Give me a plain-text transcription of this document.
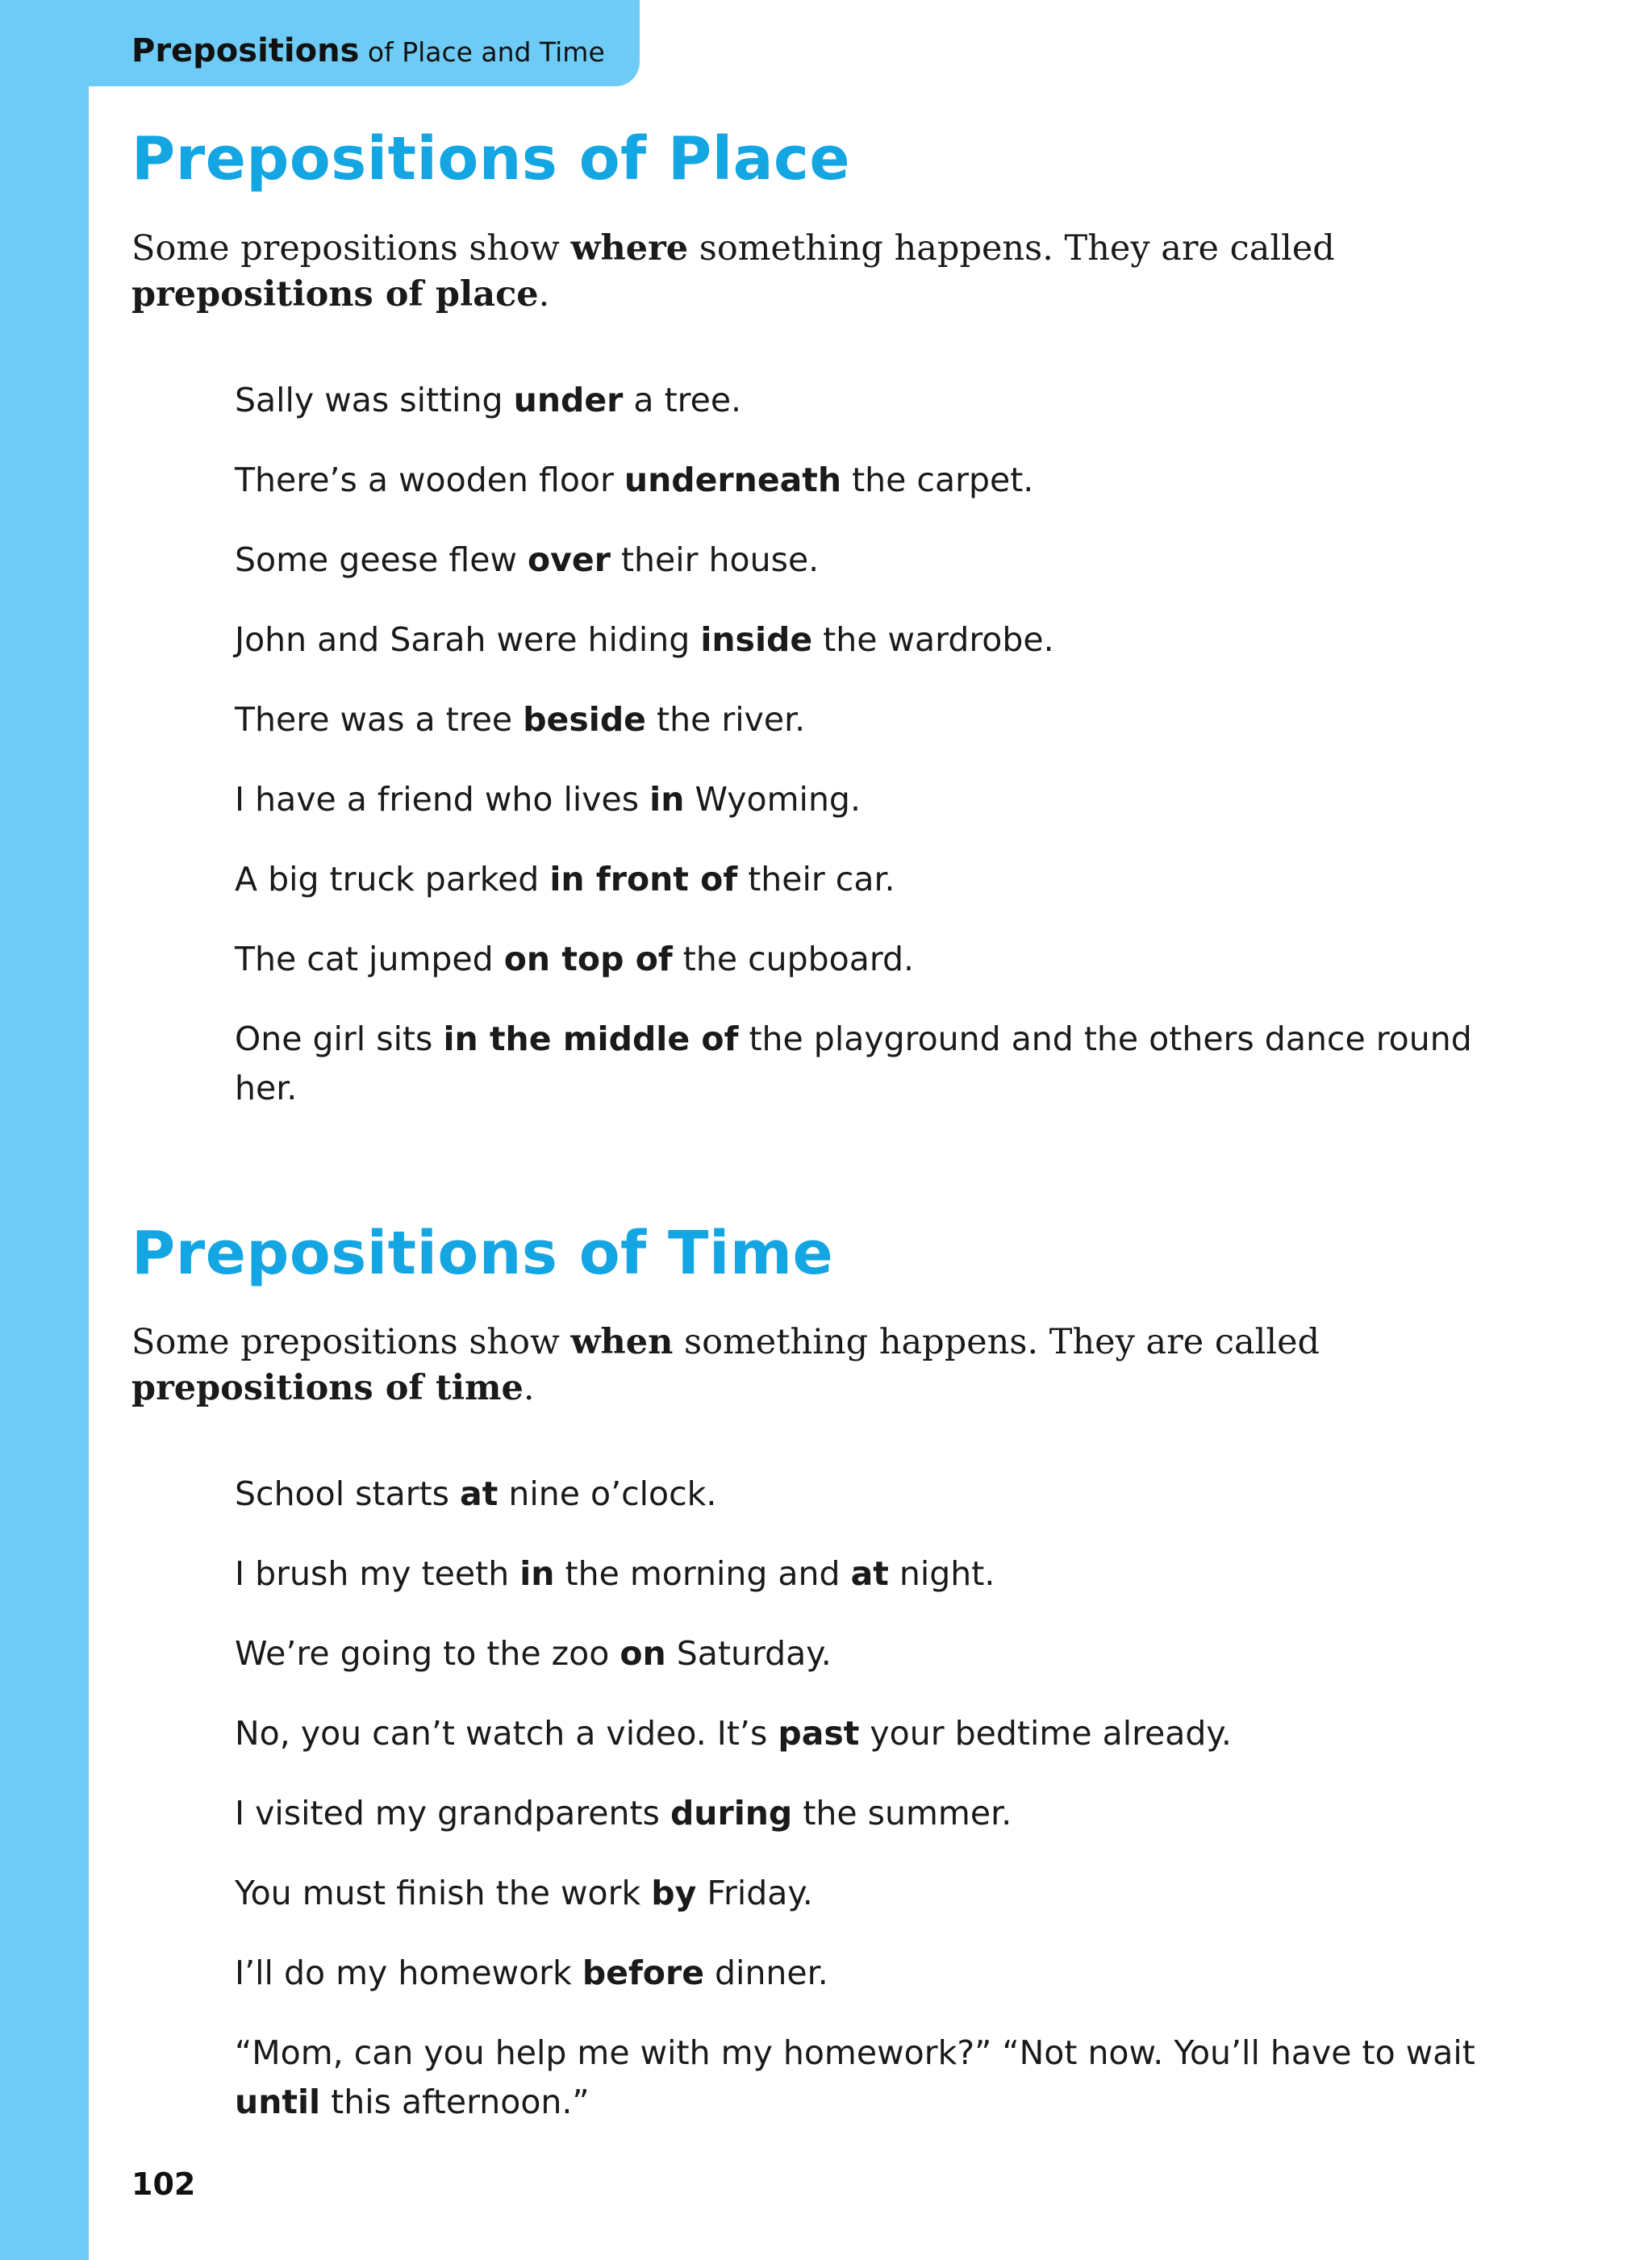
Prepositions of Place and Time
Prepositions of Place

Some prepositions show where something happens. They are called prepositions of place.

Sally was sitting under a tree.
There’s a wooden floor underneath the carpet.
Some geese flew over their house.
John and Sarah were hiding inside the wardrobe.
There was a tree beside the river.
I have a friend who lives in Wyoming.
A big truck parked in front of their car.
The cat jumped on top of the cupboard.
One girl sits in the middle of the playground and the others dance round her.
Prepositions of Time

Some prepositions show when something happens. They are called prepositions of time.

School starts at nine o’clock.
I brush my teeth in the morning and at night.
We’re going to the zoo on Saturday.
No, you can’t watch a video. It’s past your bedtime already.
I visited my grandparents during the summer.
You must finish the work by Friday.
I’ll do my homework before dinner.
“Mom, can you help me with my homework?” “Not now. You’ll have to wait until this afternoon.”
102
